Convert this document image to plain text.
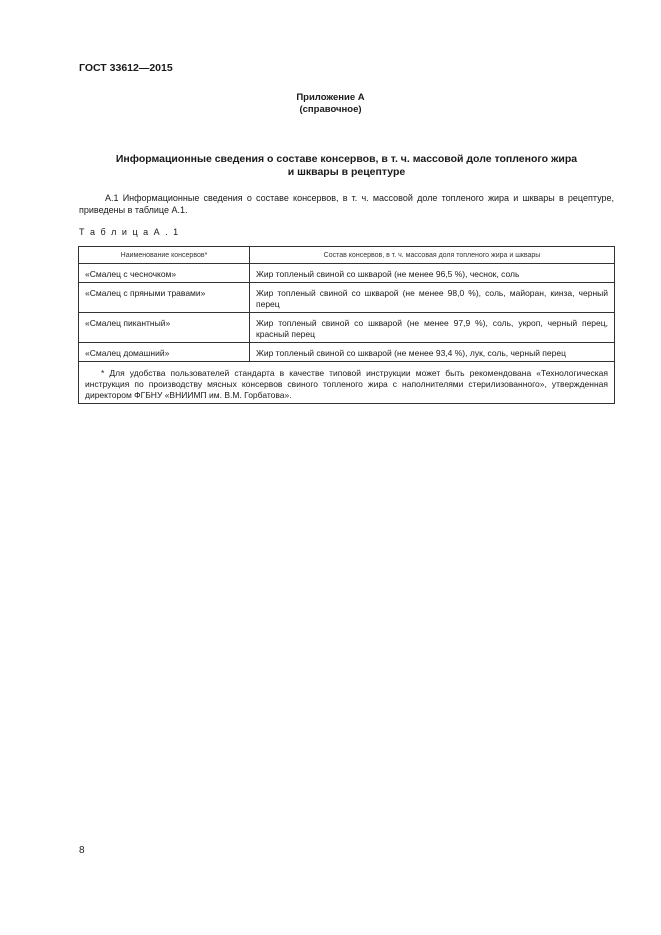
ГОСТ 33612—2015
Приложение А
(справочное)
Информационные сведения о составе консервов, в т. ч. массовой доле топленого жира
и шквары в рецептуре
А.1 Информационные сведения о составе консервов, в т. ч. массовой доле топленого жира и шквары в рецептуре, приведены в таблице А.1.
Т а б л и ц а А . 1
Наименование консервов*	Состав консервов, в т. ч. массовая доля топленого жира и шквары
«Смалец с чесночком»	Жир топленый свиной со шкварой (не менее 96,5 %), чеснок, соль
«Смалец с пряными травами»	Жир топленый свиной со шкварой (не менее 98,0 %), соль, майоран, кинза, черный перец
«Смалец пикантный»	Жир топленый свиной со шкварой (не менее 97,9 %), соль, укроп, черный перец, красный перец
«Смалец домашний»	Жир топленый свиной со шкварой (не менее 93,4 %), лук, соль, черный перец
* Для удобства пользователей стандарта в качестве типовой инструкции может быть рекомендована «Технологическая инструкция по производству мясных консервов свиного топленого жира с наполнителями стерилизованного», утвержденная директором ФГБНУ «ВНИИМП им. В.М. Горбатова».	
8
